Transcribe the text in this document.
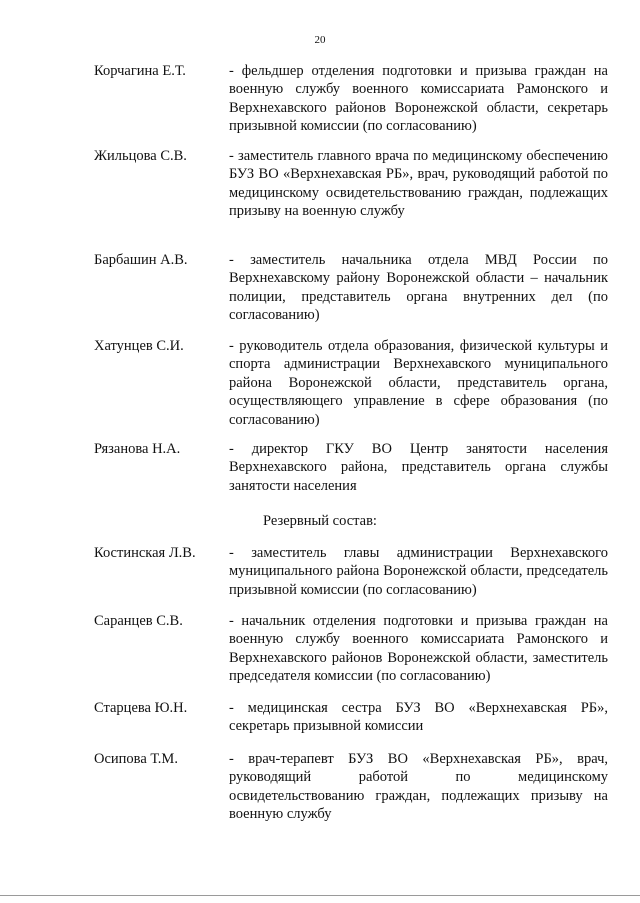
20
Корчагина Е.Т.	- фельдшер отделения подготовки и призыва граждан на военную службу военного комиссариата Рамонского и Верхнехавского районов Воронежской области, секретарь призывной комиссии (по согласованию)
Жильцова С.В.	- заместитель главного врача по медицинскому обеспечению БУЗ ВО «Верхнехавская РБ», врач, руководящий работой по медицинскому освидетельствованию граждан, подлежащих призыву на военную службу
Барбашин А.В.	- заместитель начальника отдела МВД России по Верхнехавскому району Воронежской области – начальник полиции, представитель органа внутренних дел (по согласованию)
Хатунцев С.И.	- руководитель отдела образования, физической культуры и спорта администрации Верхнехавского муниципального района Воронежской области, представитель органа, осуществляющего управление в сфере образования (по согласованию)
Рязанова Н.А.	- директор ГКУ ВО Центр занятости населения Верхнехавского района, представитель органа службы занятости населения
Резервный состав:
Костинская Л.В. - заместитель главы администрации Верхнехавского муниципального района Воронежской области, председатель призывной комиссии (по согласованию)
Саранцев С.В.	- начальник отделения подготовки и призыва граждан на военную службу военного комиссариата Рамонского и Верхнехавского районов Воронежской области, заместитель председателя комиссии (по согласованию)
Старцева Ю.Н.	- медицинская сестра БУЗ ВО «Верхнехавская РБ», секретарь призывной комиссии
Осипова Т.М.	- врач-терапевт БУЗ ВО «Верхнехавская РБ», врач, руководящий работой по медицинскому освидетельствованию граждан, подлежащих призыву на военную службу
